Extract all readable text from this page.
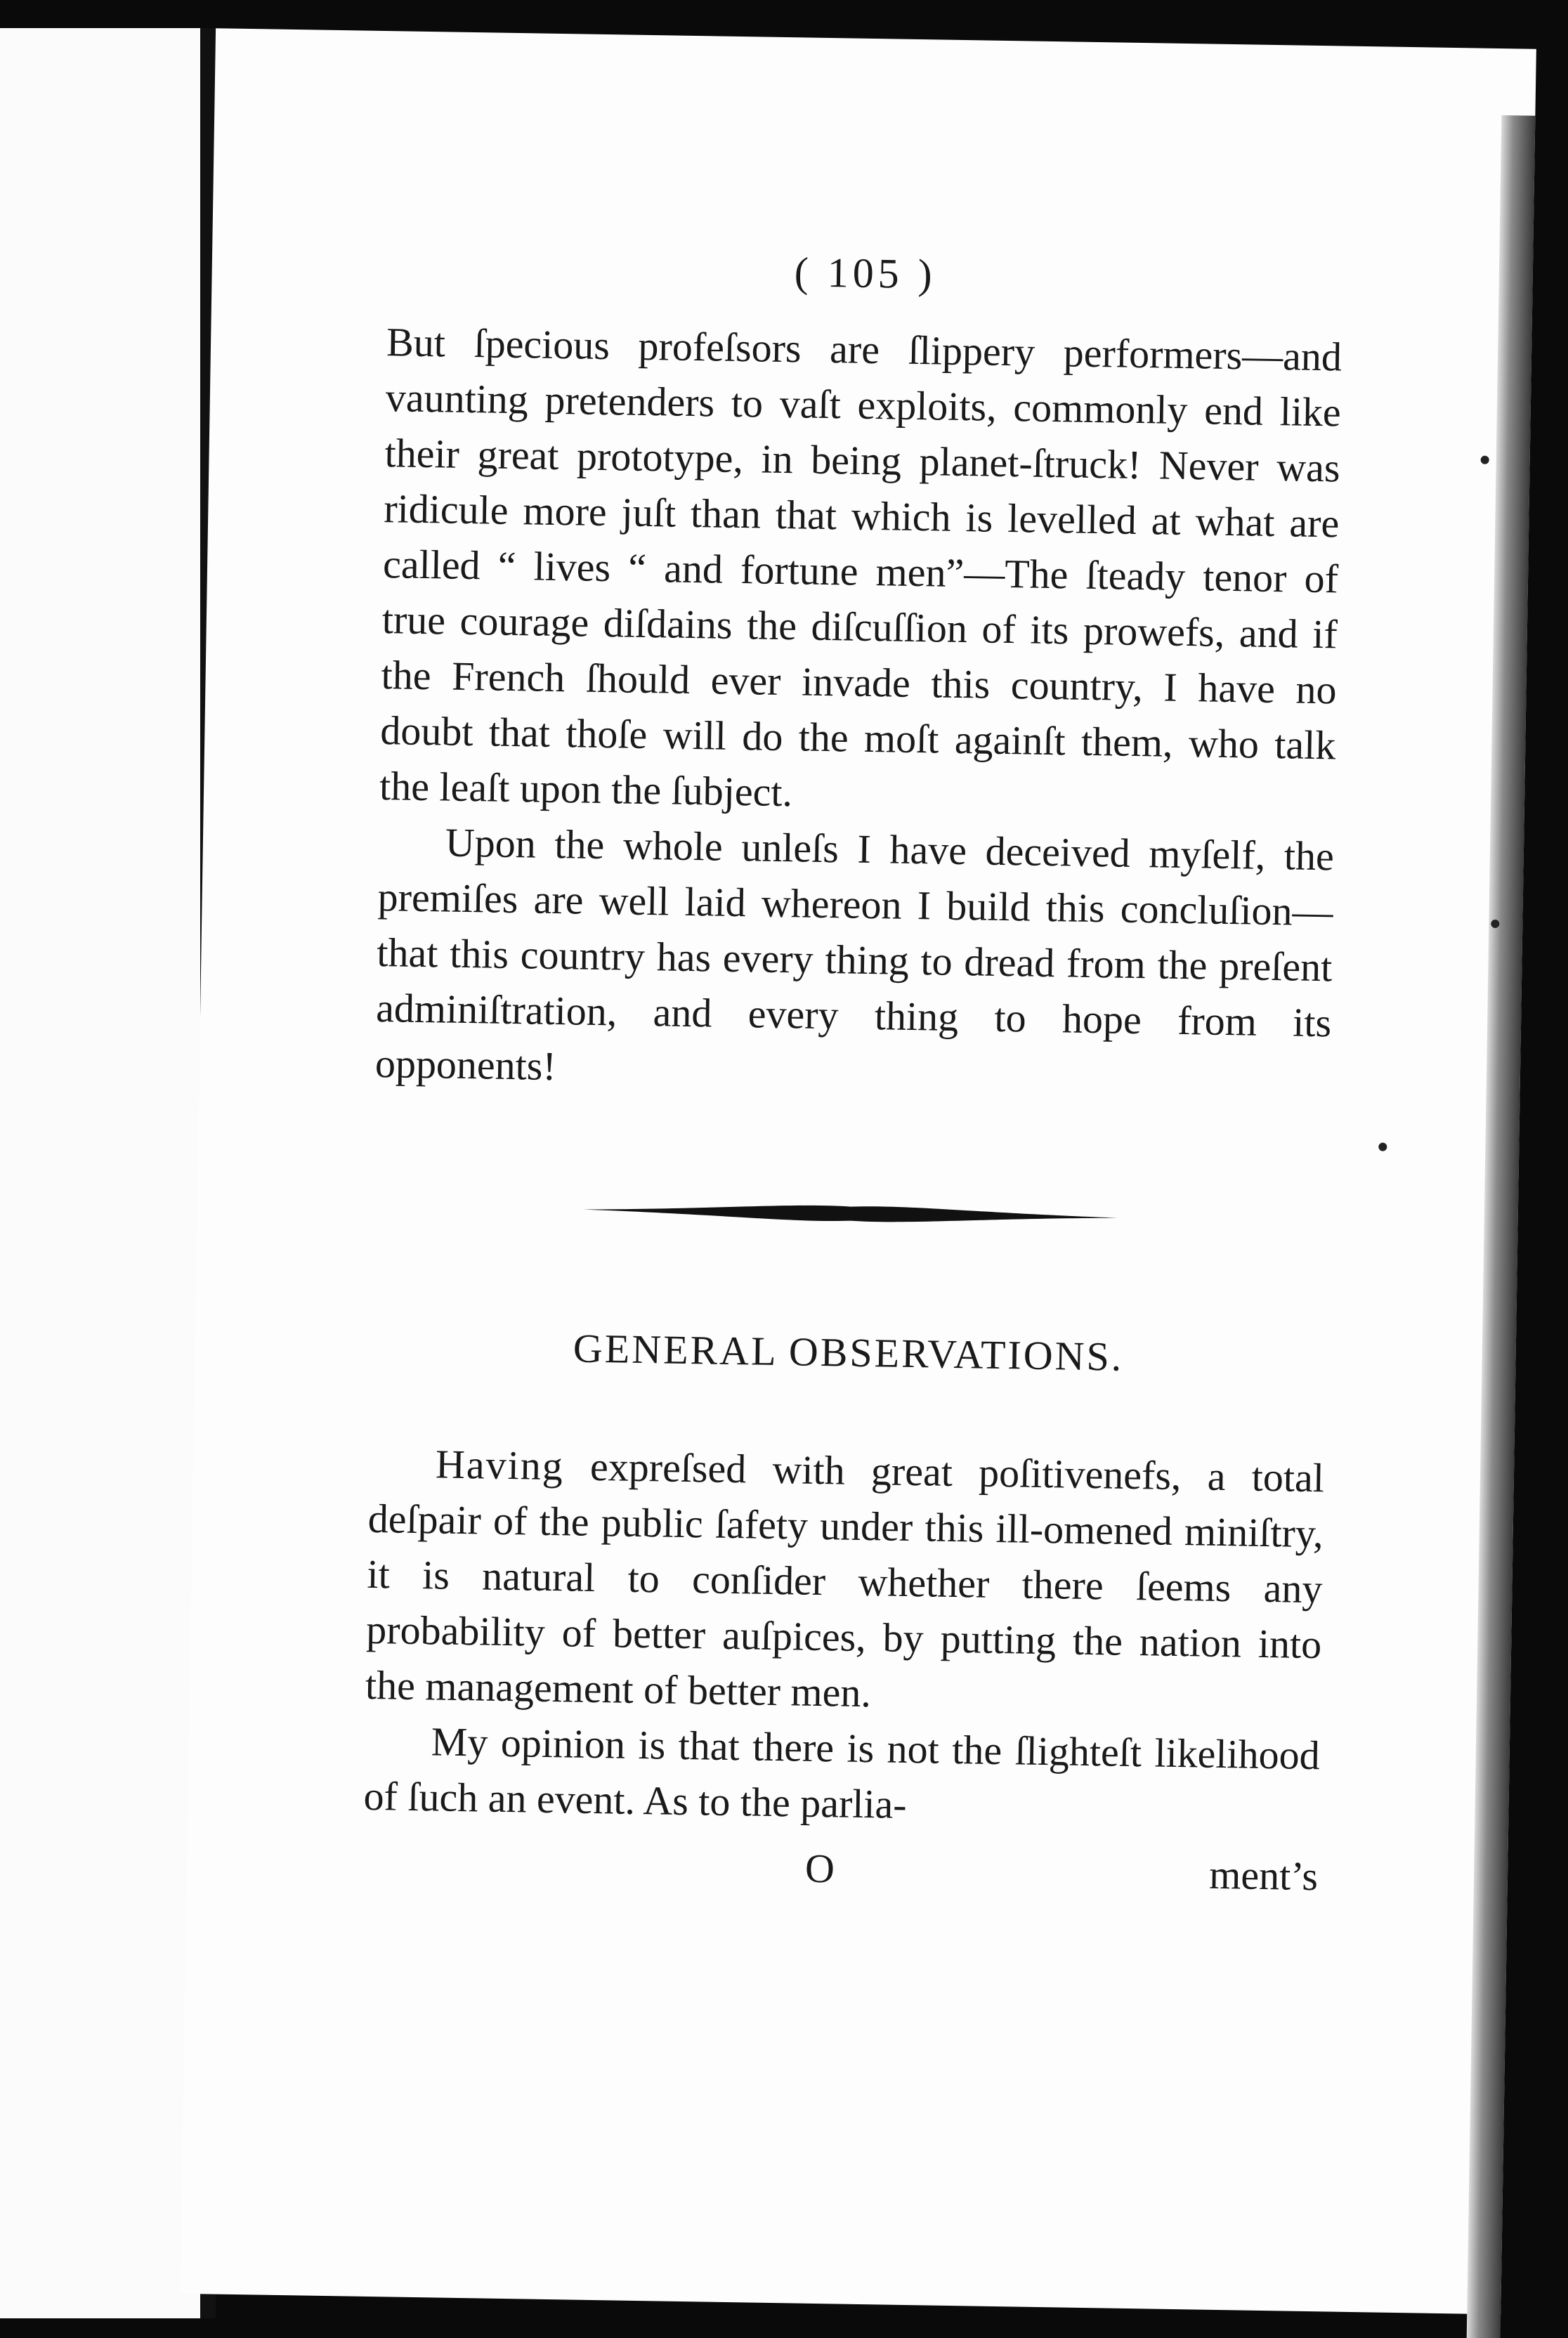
( 105 )

But ſpecious profeſsors are ſlippery performers—and vaunting pretenders to vaſt exploits, commonly end like their great prototype, in being planet-ſtruck! Never was ridicule more juſt than that which is levelled at what are called “ lives “ and fortune men”—The ſteady tenor of true courage diſdains the diſcuſſion of its prowefs, and if the French ſhould ever invade this country, I have no doubt that thoſe will do the moſt againſt them, who talk the leaſt upon the ſubject.

Upon the whole unleſs I have deceived myſelf, the premiſes are well laid whereon I build this concluſion—that this country has every thing to dread from the preſent adminiſtration, and every thing to hope from its opponents!

GENERAL OBSERVATIONS.

Having expreſsed with great poſitivenefs, a total deſpair of the public ſafety under this ill-omened miniſtry, it is natural to conſider whether there ſeems any probability of better auſpices, by putting the nation into the management of better men.

My opinion is that there is not the ſlighteſt likelihood of ſuch an event. As to the parlia-

O	ment’s
